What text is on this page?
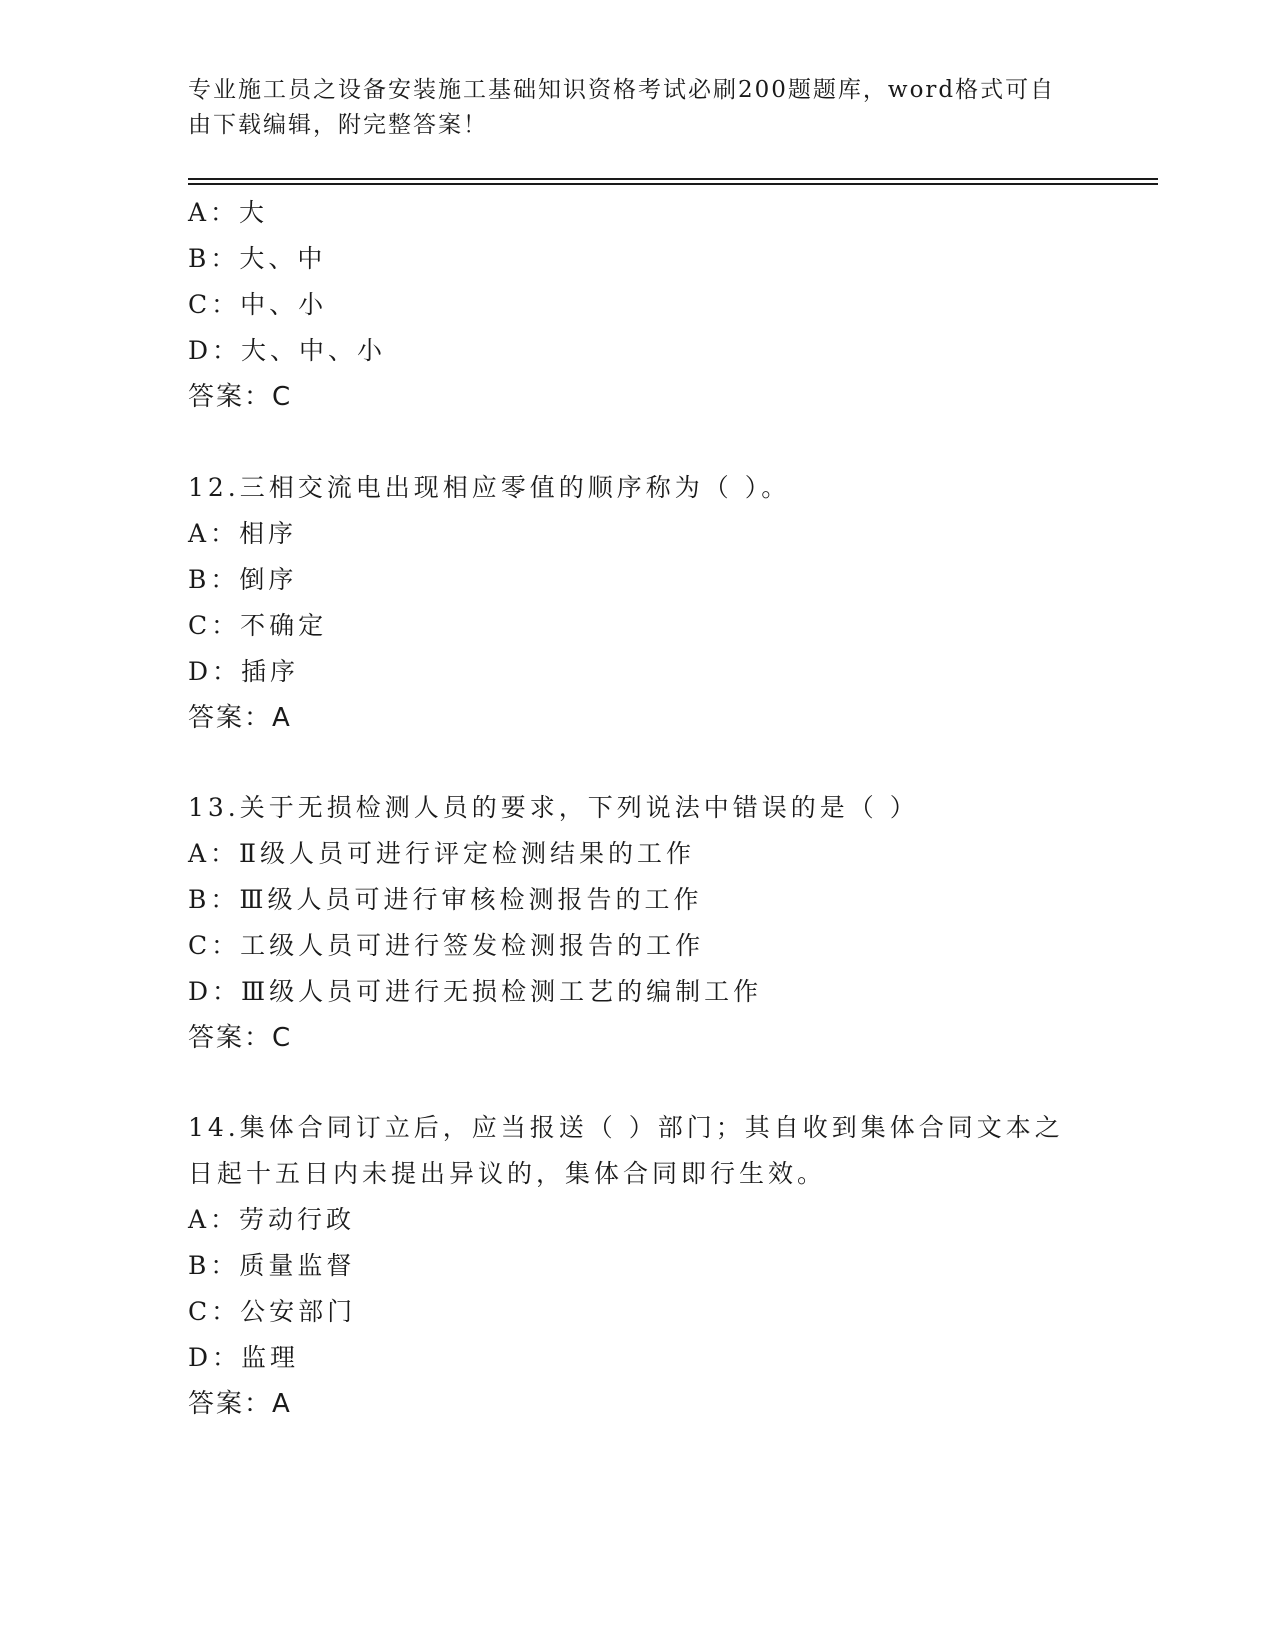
专业施工员之设备安装施工基础知识资格考试必刷200题题库，word格式可自由下载编辑，附完整答案！
A：大
B：大、中
C：中、小
D：大、中、小
答案：C
12.三相交流电出现相应零值的顺序称为（ ）。
A：相序
B：倒序
C：不确定
D：插序
答案：A
13.关于无损检测人员的要求，下列说法中错误的是（ ）
A：Ⅱ级人员可进行评定检测结果的工作
B：Ⅲ级人员可进行审核检测报告的工作
C：工级人员可进行签发检测报告的工作
D：Ⅲ级人员可进行无损检测工艺的编制工作
答案：C
14.集体合同订立后，应当报送（ ）部门；其自收到集体合同文本之
日起十五日内未提出异议的，集体合同即行生效。
A：劳动行政
B：质量监督
C：公安部门
D：监理
答案：A
